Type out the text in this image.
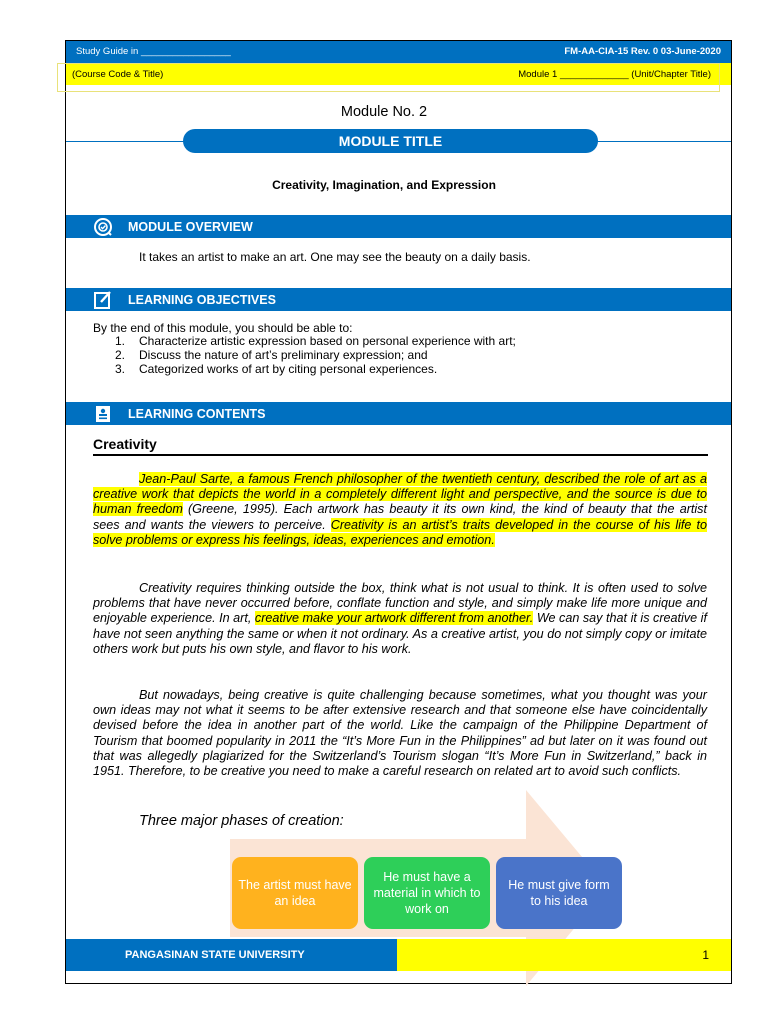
Study Guide in _________________	FM-AA-CIA-15 Rev. 0 03-June-2020
(Course Code & Title)	Module 1 _____________ (Unit/Chapter Title)
Module No. 2
MODULE TITLE
Creativity, Imagination, and Expression
MODULE OVERVIEW
It takes an artist to make an art. One may see the beauty on a daily basis.
LEARNING OBJECTIVES
By the end of this module, you should be able to:
1. Characterize artistic expression based on personal experience with art;
2. Discuss the nature of art’s preliminary expression; and
3. Categorized works of art by citing personal experiences.
LEARNING CONTENTS
Creativity
Jean-Paul Sarte, a famous French philosopher of the twentieth century, described the role of art as a creative work that depicts the world in a completely different light and perspective, and the source is due to human freedom (Greene, 1995). Each artwork has beauty it its own kind, the kind of beauty that the artist sees and wants the viewers to perceive. Creativity is an artist’s traits developed in the course of his life to solve problems or express his feelings, ideas, experiences and emotion.
Creativity requires thinking outside the box, think what is not usual to think. It is often used to solve problems that have never occurred before, conflate function and style, and simply make life more unique and enjoyable experience. In art, creative make your artwork different from another. We can say that it is creative if have not seen anything the same or when it not ordinary. As a creative artist, you do not simply copy or imitate others work but puts his own style, and flavor to his work.
But nowadays, being creative is quite challenging because sometimes, what you thought was your own ideas may not what it seems to be after extensive research and that someone else have coincidentally devised before the idea in another part of the world. Like the campaign of the Philippine Department of Tourism that boomed popularity in 2011 the “It’s More Fun in the Philippines” ad but later on it was found out that was allegedly plagiarized for the Switzerland’s Tourism slogan “It’s More Fun in Switzerland,” back in 1951. Therefore, to be creative you need to make a careful research on related art to avoid such conflicts.
Three major phases of creation:
The artist must have an idea
He must have a material in which to work on
He must give form to his idea
PANGASINAN STATE UNIVERSITY	1
